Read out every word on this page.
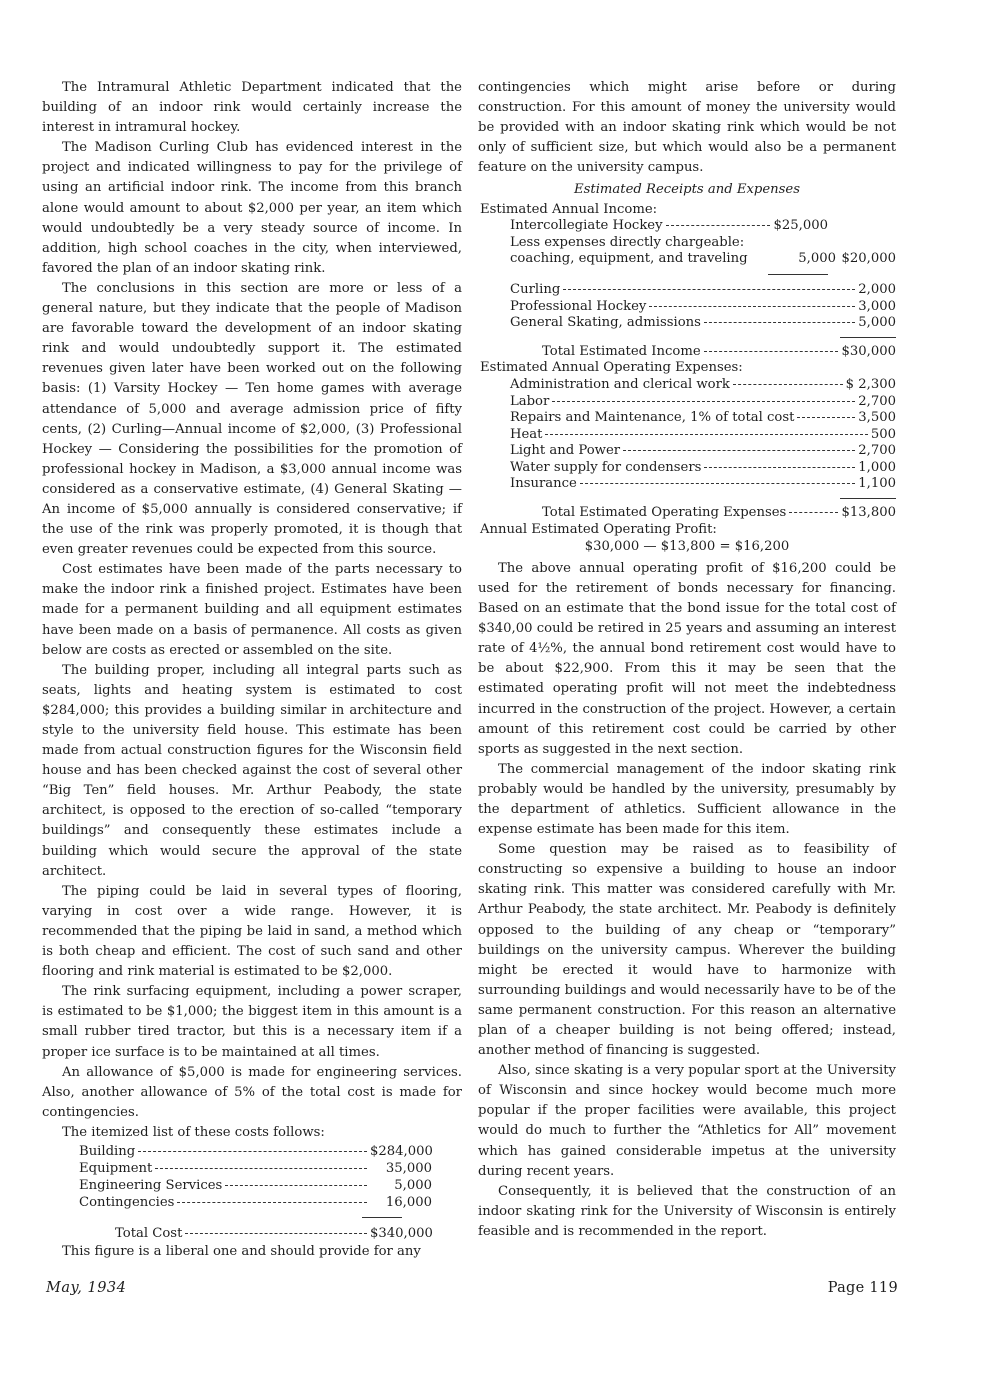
The Intramural Athletic Department indicated that the building of an indoor rink would certainly increase the interest in intramural hockey.

The Madison Curling Club has evidenced interest in the project and indicated willingness to pay for the privilege of using an artificial indoor rink. The income from this branch alone would amount to about $2,000 per year, an item which would undoubtedly be a very steady source of income. In addition, high school coaches in the city, when interviewed, favored the plan of an indoor skating rink.

The conclusions in this section are more or less of a general nature, but they indicate that the people of Madison are favorable toward the development of an indoor skating rink and would undoubtedly support it. The estimated revenues given later have been worked out on the following basis: (1) Varsity Hockey — Ten home games with average attendance of 5,000 and average admission price of fifty cents, (2) Curling—Annual income of $2,000, (3) Professional Hockey — Considering the possibilities for the promotion of professional hockey in Madison, a $3,000 annual income was considered as a conservative estimate, (4) General Skating — An income of $5,000 annually is considered conservative; if the use of the rink was properly promoted, it is though that even greater revenues could be expected from this source.

Cost estimates have been made of the parts necessary to make the indoor rink a finished project. Estimates have been made for a permanent building and all equipment estimates have been made on a basis of permanence. All costs as given below are costs as erected or assembled on the site.

The building proper, including all integral parts such as seats, lights and heating system is estimated to cost $284,000; this provides a building similar in architecture and style to the university field house. This estimate has been made from actual construction figures for the Wisconsin field house and has been checked against the cost of several other “Big Ten” field houses. Mr. Arthur Peabody, the state architect, is opposed to the erection of so-called “temporary buildings” and consequently these estimates include a building which would secure the approval of the state architect.

The piping could be laid in several types of flooring, varying in cost over a wide range. However, it is recommended that the piping be laid in sand, a method which is both cheap and efficient. The cost of such sand and other flooring and rink material is estimated to be $2,000.

The rink surfacing equipment, including a power scraper, is estimated to be $1,000; the biggest item in this amount is a small rubber tired tractor, but this is a necessary item if a proper ice surface is to be maintained at all times.

An allowance of $5,000 is made for engineering services. Also, another allowance of 5% of the total cost is made for contingencies.

The itemized list of these costs follows:

Building	$284,000
Equipment	35,000
Engineering Services	5,000
Contingencies	16,000
Total Cost	$340,000

This figure is a liberal one and should provide for any

contingencies which might arise before or during construction. For this amount of money the university would be provided with an indoor skating rink which would be not only of sufficient size, but which would also be a permanent feature on the university campus.

Estimated Receipts and Expenses
Estimated Annual Income:
Intercollegiate Hockey	$25,000
Less expenses directly chargeable:
coaching, equipment, and traveling	5,000 $20,000
Curling	2,000
Professional Hockey	3,000
General Skating, admissions	5,000
Total Estimated Income	$30,000
Estimated Annual Operating Expenses:
Administration and clerical work	$ 2,300
Labor	2,700
Repairs and Maintenance, 1% of total cost	3,500
Heat	500
Light and Power	2,700
Water supply for condensers	1,000
Insurance	1,100
Total Estimated Operating Expenses	$13,800
Annual Estimated Operating Profit:
$30,000 — $13,800 = $16,200

The above annual operating profit of $16,200 could be used for the retirement of bonds necessary for financing. Based on an estimate that the bond issue for the total cost of $340,00 could be retired in 25 years and assuming an interest rate of 4½%, the annual bond retirement cost would have to be about $22,900. From this it may be seen that the estimated operating profit will not meet the indebtedness incurred in the construction of the project. However, a certain amount of this retirement cost could be carried by other sports as suggested in the next section.

The commercial management of the indoor skating rink probably would be handled by the university, presumably by the department of athletics. Sufficient allowance in the expense estimate has been made for this item.

Some question may be raised as to feasibility of constructing so expensive a building to house an indoor skating rink. This matter was considered carefully with Mr. Arthur Peabody, the state architect. Mr. Peabody is definitely opposed to the building of any cheap or “temporary” buildings on the university campus. Wherever the building might be erected it would have to harmonize with surrounding buildings and would necessarily have to be of the same permanent construction. For this reason an alternative plan of a cheaper building is not being offered; instead, another method of financing is suggested.

Also, since skating is a very popular sport at the University of Wisconsin and since hockey would become much more popular if the proper facilities were available, this project would do much to further the “Athletics for All” movement which has gained considerable impetus at the university during recent years.

Consequently, it is believed that the construction of an indoor skating rink for the University of Wisconsin is entirely feasible and is recommended in the report.

May, 1934	Page 119
